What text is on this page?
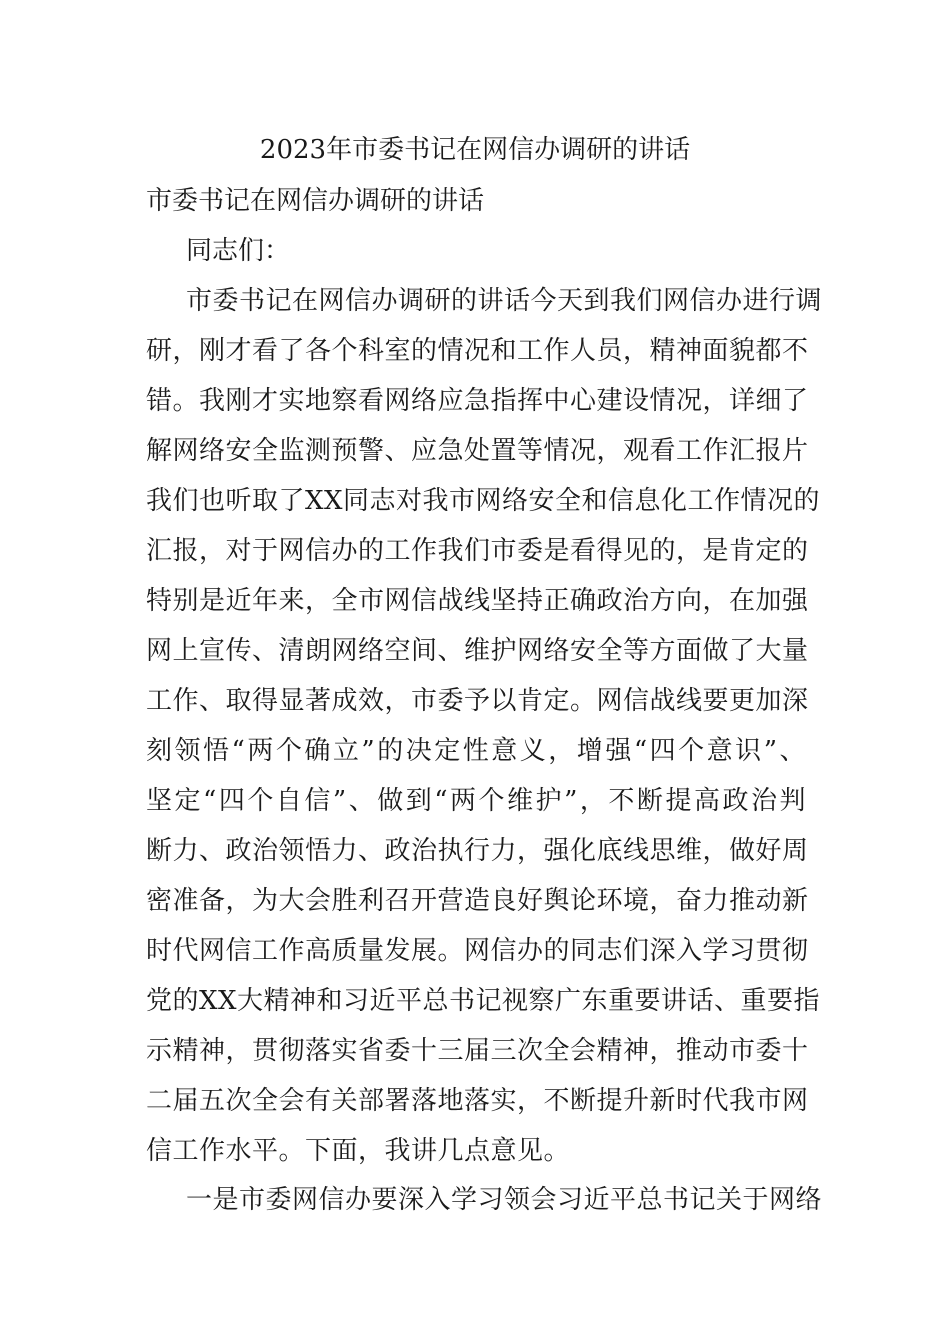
2023年市委书记在网信办调研的讲话
市委书记在网信办调研的讲话
同志们：
市委书记在网信办调研的讲话今天到我们网信办进行调
研，刚才看了各个科室的情况和工作人员，精神面貌都不
错。我刚才实地察看网络应急指挥中心建设情况，详细了
解网络安全监测预警、应急处置等情况，观看工作汇报片
我们也听取了XX同志对我市网络安全和信息化工作情况的
汇报，对于网信办的工作我们市委是看得见的，是肯定的
特别是近年来，全市网信战线坚持正确政治方向，在加强
网上宣传、清朗网络空间、维护网络安全等方面做了大量
工作、取得显著成效，市委予以肯定。网信战线要更加深
刻领悟“两个确立”的决定性意义，增强“四个意识”、
坚定“四个自信”、做到“两个维护”，不断提高政治判
断力、政治领悟力、政治执行力，强化底线思维，做好周
密准备，为大会胜利召开营造良好舆论环境，奋力推动新
时代网信工作高质量发展。网信办的同志们深入学习贯彻
党的XX大精神和习近平总书记视察广东重要讲话、重要指
示精神，贯彻落实省委十三届三次全会精神，推动市委十
二届五次全会有关部署落地落实，不断提升新时代我市网
信工作水平。下面，我讲几点意见。
一是市委网信办要深入学习领会习近平总书记关于网络
